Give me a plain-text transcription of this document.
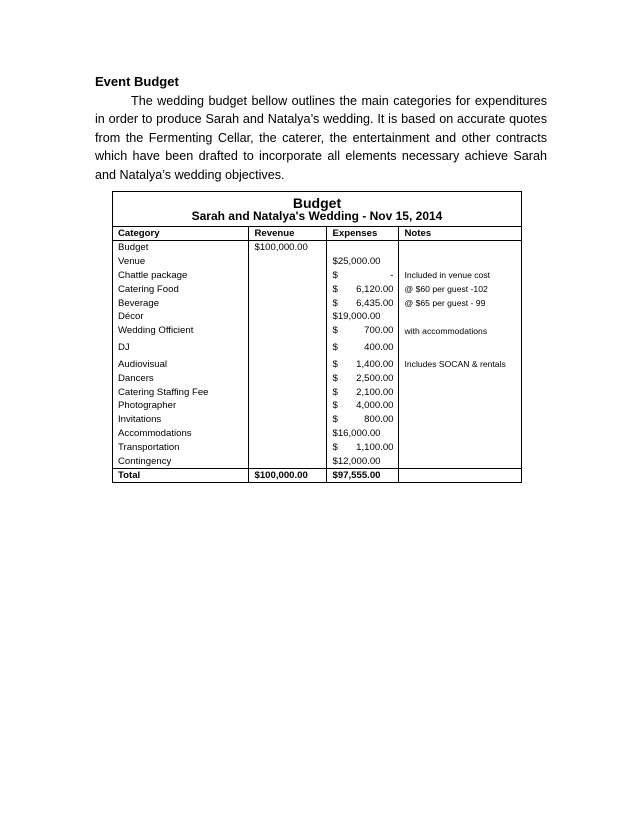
Event Budget
The wedding budget bellow outlines the main categories for expenditures in order to produce Sarah and Natalya’s wedding. It is based on accurate quotes from the Fermenting Cellar, the caterer, the entertainment and other contracts which have been drafted to incorporate all elements necessary achieve Sarah and Natalya’s wedding objectives.
Budget
Sarah and Natalya's Wedding - Nov 15, 2014
Category	Revenue	Expenses	Notes
Budget	$100,000.00	

Venue		$25,000.00	

Chattle package		$ -	Included in venue cost
Catering Food		$ 6,120.00	@ $60 per guest -102
Beverage		$ 6,435.00	@ $65 per guest - 99
Décor		$19,000.00	

Wedding Officient		$ 700.00	with accommodations
DJ		$ 400.00	

Audiovisual		$ 1,400.00	Includes SOCAN & rentals
Dancers		$ 2,500.00	

Catering Staffing Fee		$ 2,100.00	

Photographer		$ 4,000.00	

Invitations		$ 800.00	

Accommodations		$16,000.00	

Transportation		$ 1,100.00	

Contingency		$12,000.00	

Total	$100,000.00	$97,555.00	
